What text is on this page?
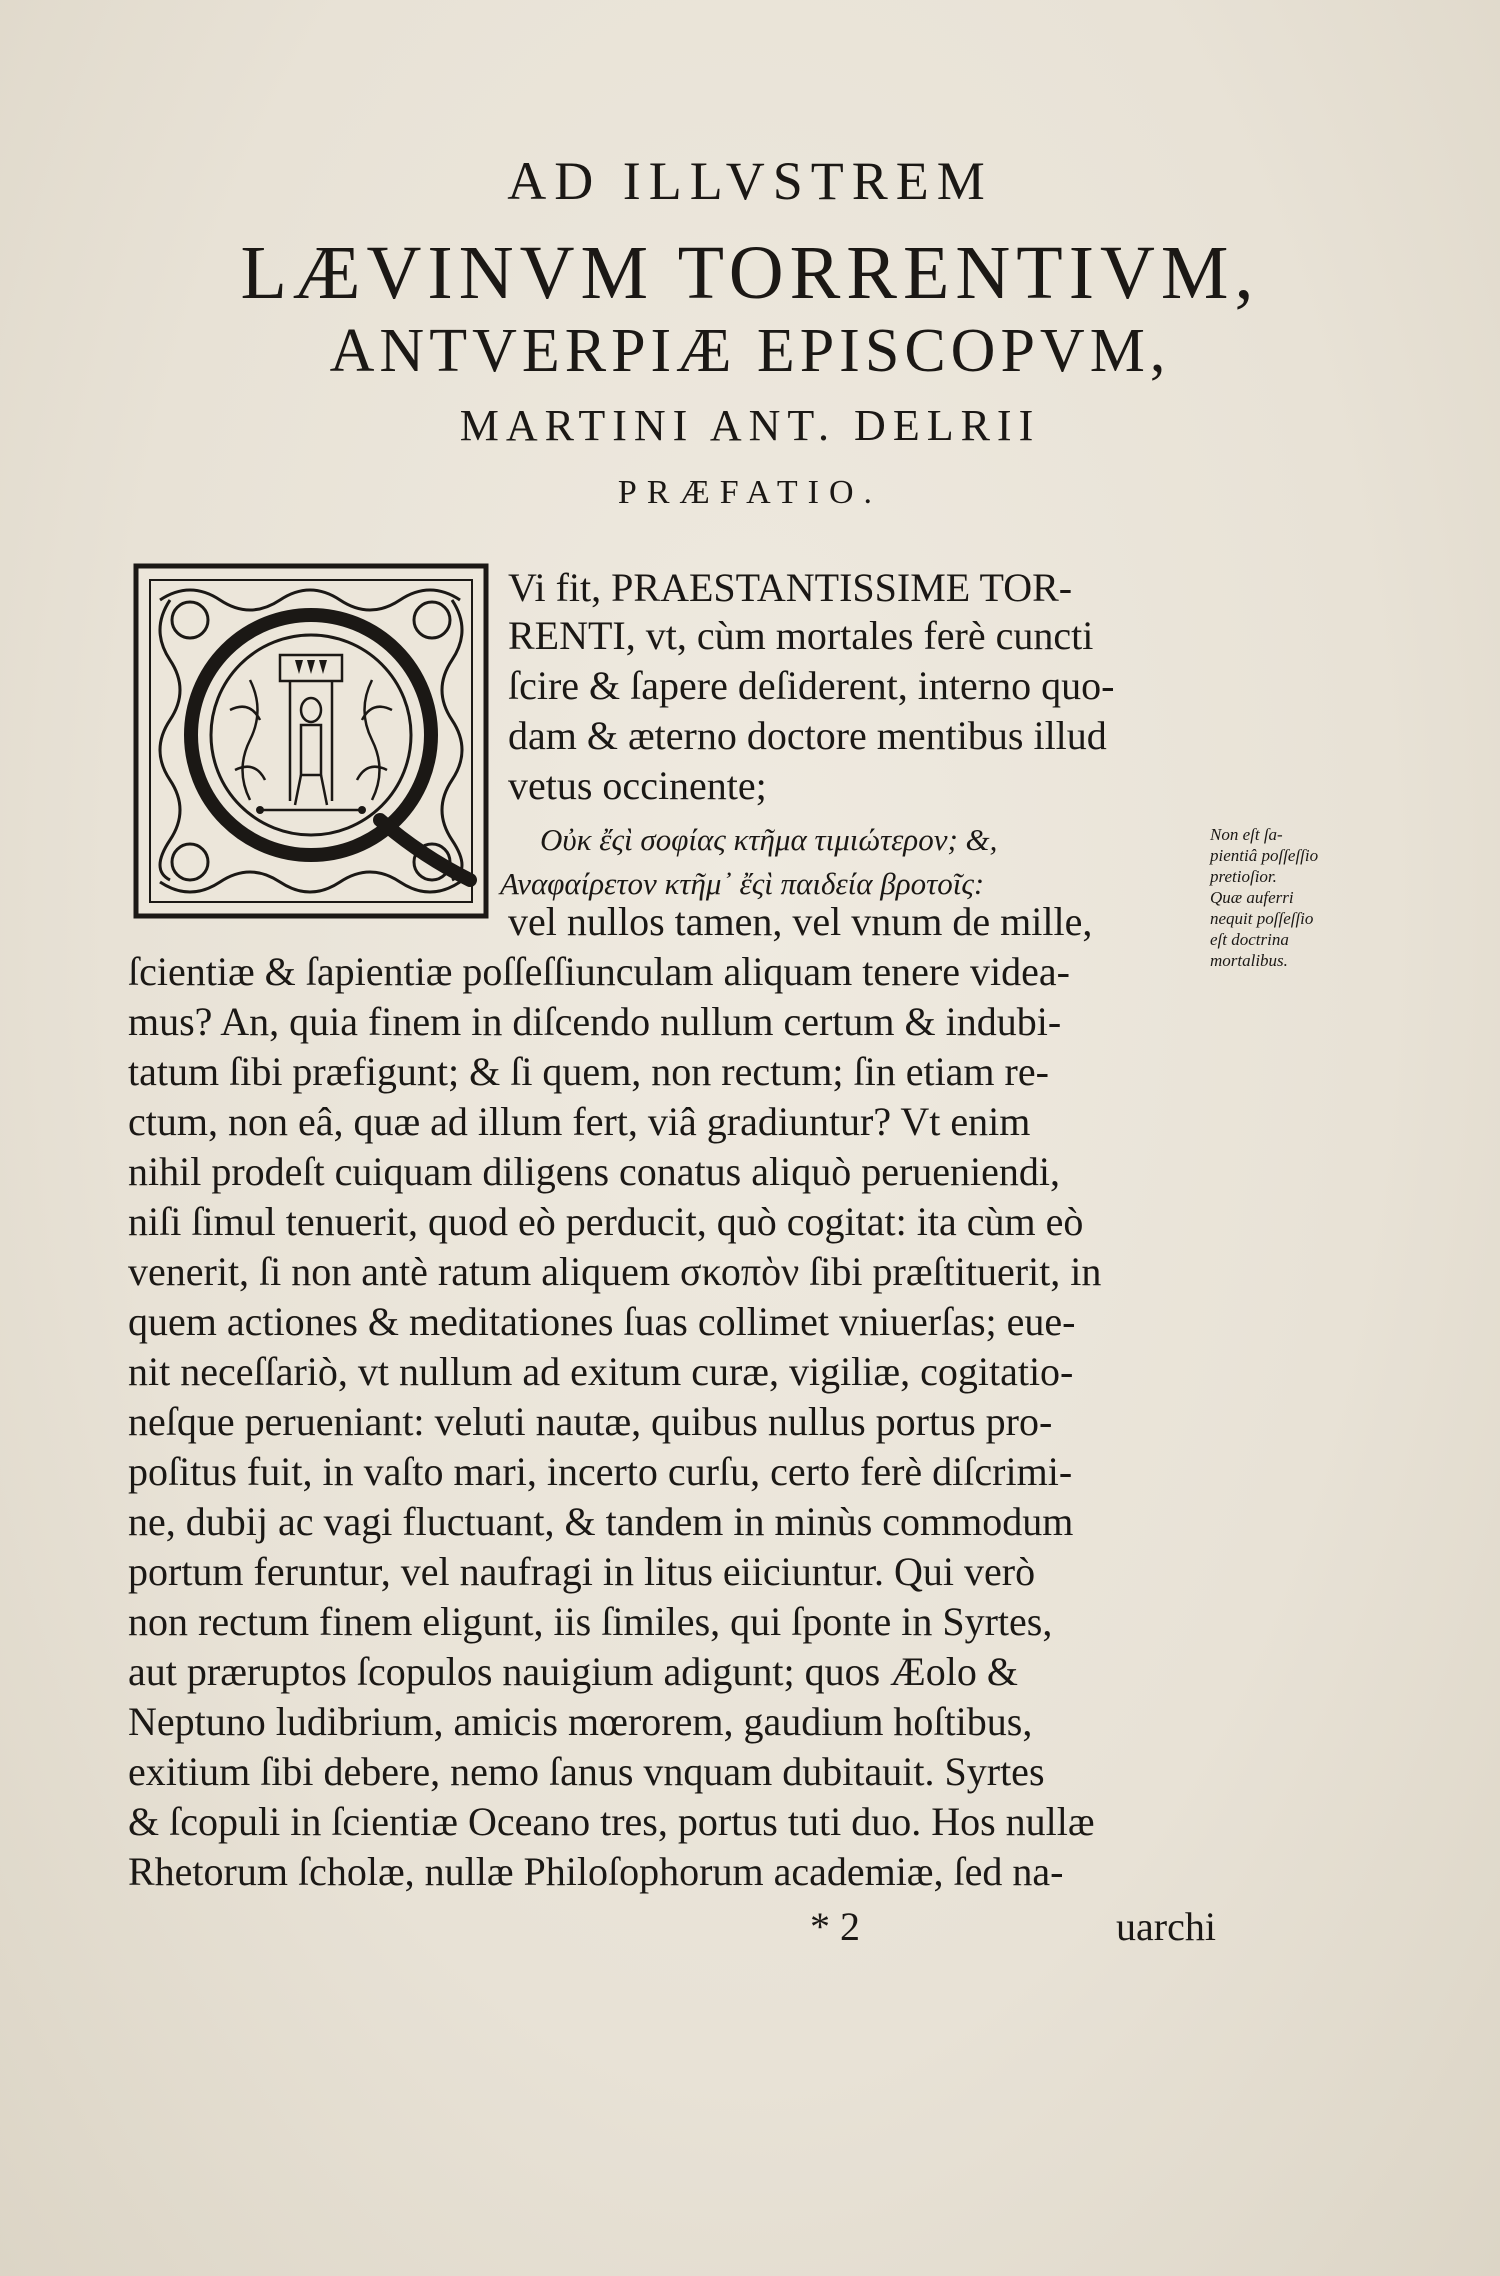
AD ILLVSTREM
LÆVINVM TORRENTIVM,
ANTVERPIÆ EPISCOPVM,
MARTINI ANT. DELRII
PRÆFATIO.
Vi fit, PRAESTANTISSIME TOR-
RENTI, vt, cùm mortales ferè cuncti
ſcire & ſapere deſiderent, interno quo-
dam & æterno doctore mentibus illud
vetus occinente;
Οὐκ ἔςὶ σοφίας κτῆμα τιμιώτερον; &,
Αναφαίρετον κτῆμ᾽ ἔςὶ παιδεία βροτοῖς:
vel nullos tamen, vel vnum de mille,
ſcientiæ & ſapientiæ poſſeſſiunculam aliquam tenere videa-
mus? An, quia finem in diſcendo nullum certum & indubi-
tatum ſibi præfigunt; & ſi quem, non rectum; ſin etiam re-
ctum, non eâ, quæ ad illum fert, viâ gradiuntur? Vt enim
nihil prodeſt cuiquam diligens conatus aliquò perueniendi,
niſi ſimul tenuerit, quod eò perducit, quò cogitat: ita cùm eò
venerit, ſi non antè ratum aliquem σκοπὸν ſibi præſtituerit, in
quem actiones & meditationes ſuas collimet vniuerſas; eue-
nit neceſſariò, vt nullum ad exitum curæ, vigiliæ, cogitatio-
neſque perueniant: veluti nautæ, quibus nullus portus pro-
poſitus fuit, in vaſto mari, incerto curſu, certo ferè diſcrimi-
ne, dubij ac vagi fluctuant, & tandem in minùs commodum
portum feruntur, vel naufragi in litus eiiciuntur. Qui verò
non rectum finem eligunt, iis ſimiles, qui ſponte in Syrtes,
aut præruptos ſcopulos nauigium adigunt; quos Æolo &
Neptuno ludibrium, amicis mœrorem, gaudium hoſtibus,
exitium ſibi debere, nemo ſanus vnquam dubitauit. Syrtes
& ſcopuli in ſcientiæ Oceano tres, portus tuti duo. Hos nullæ
Rhetorum ſcholæ, nullæ Philoſophorum academiæ, ſed na-
Non eſt ſa-
pientiâ poſſeſſio
pretioſior.
Quæ auferri
nequit poſſeſſio
eſt doctrina
mortalibus.
* 2	uarchi
